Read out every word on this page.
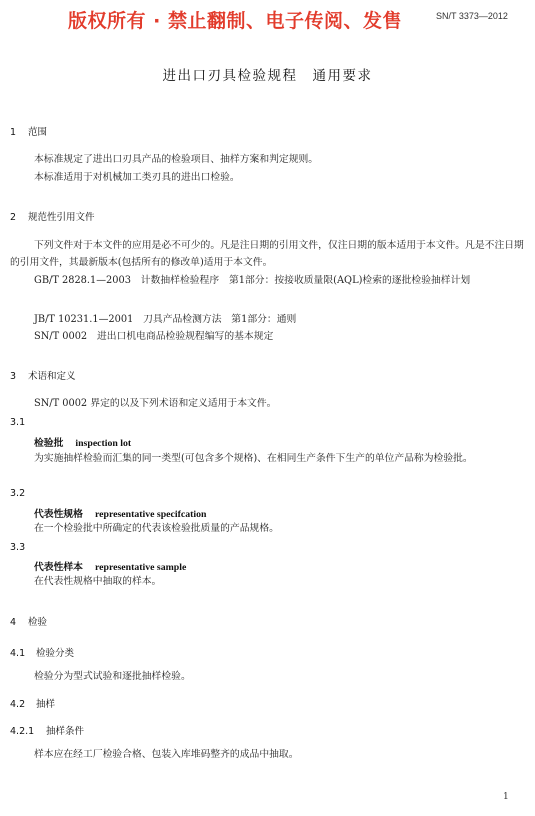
版权所有 · 禁止翻制、电子传阅、发售	SN/T 3373—2012
进出口刃具检验规程　通用要求
1 范围
本标准规定了进出口刃具产品的检验项目、抽样方案和判定规则。
本标准适用于对机械加工类刃具的进出口检验。
2 规范性引用文件
下列文件对于本文件的应用是必不可少的。凡是注日期的引用文件，仅注日期的版本适用于本文件。凡是不注日期的引用文件，其最新版本(包括所有的修改单)适用于本文件。
GB/T 2828.1—2003　计数抽样检验程序　第1部分：按接收质量限(AQL)检索的逐批检验抽样计划
JB/T 10231.1—2001　刀具产品检测方法　第1部分：通则
SN/T 0002　进出口机电商品检验规程编写的基本规定
3 术语和定义
SN/T 0002 界定的以及下列术语和定义适用于本文件。
3.1
检验批 inspection lot
为实施抽样检验而汇集的同一类型(可包含多个规格)、在相同生产条件下生产的单位产品称为检验批。
3.2
代表性规格 representative specifcation
在一个检验批中所确定的代表该检验批质量的产品规格。
3.3
代表性样本 representative sample
在代表性规格中抽取的样本。
4 检验
4.1 检验分类
检验分为型式试验和逐批抽样检验。
4.2 抽样
4.2.1 抽样条件
样本应在经工厂检验合格、包装入库堆码整齐的成品中抽取。
1
